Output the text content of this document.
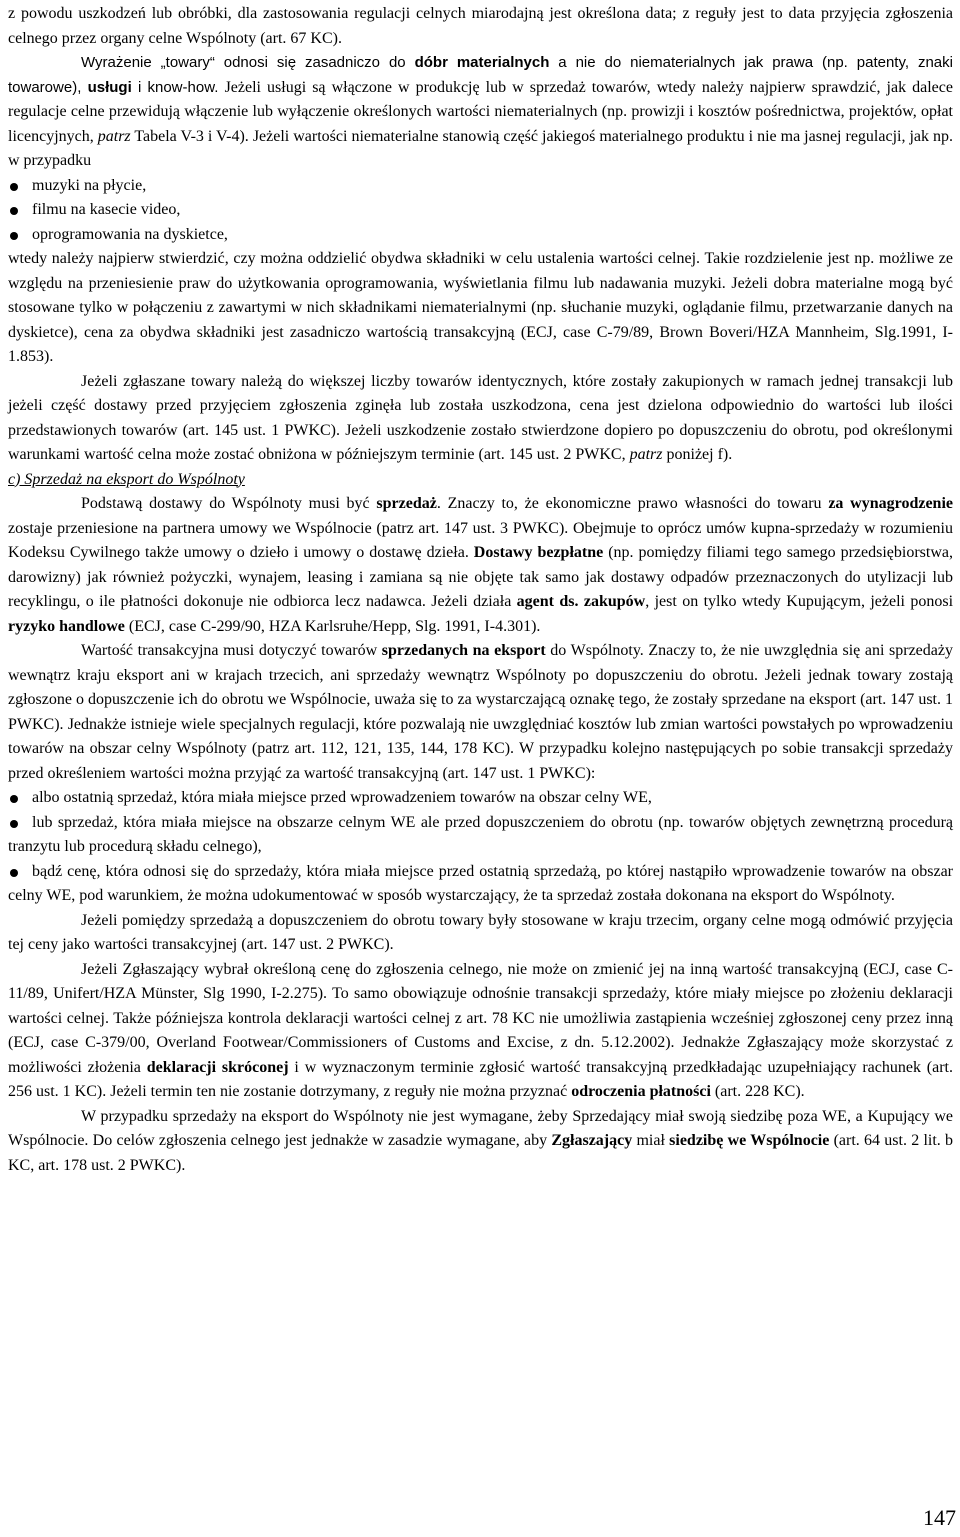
z powodu uszkodzeń lub obróbki, dla zastosowania regulacji celnych miarodajną jest określona data; z reguły jest to data przyjęcia zgłoszenia celnego przez organy celne Wspólnoty (art. 67 KC).

Wyrażenie „towary“ odnosi się zasadniczo do dóbr materialnych a nie do niematerialnych jak prawa (np. patenty, znaki towarowe), usługi i know-how. Jeżeli usługi są włączone w produkcję lub w sprzedaż towarów, wtedy należy najpierw sprawdzić, jak dalece regulacje celne przewidują włączenie lub wyłączenie określonych wartości niematerialnych (np. prowizji i kosztów pośrednictwa, projektów, opłat licencyjnych, patrz Tabela V-3 i V-4). Jeżeli wartości niematerialne stanowią część jakiegoś materialnego produktu i nie ma jasnej regulacji, jak np. w przypadku

muzyki na płycie,
filmu na kasecie video,
oprogramowania na dyskietce,

wtedy należy najpierw stwierdzić, czy można oddzielić obydwa składniki w celu ustalenia wartości celnej. Takie rozdzielenie jest np. możliwe ze względu na przeniesienie praw do użytkowania oprogramowania, wyświetlania filmu lub nadawania muzyki. Jeżeli dobra materialne mogą być stosowane tylko w połączeniu z zawartymi w nich składnikami niematerialnymi (np. słuchanie muzyki, oglądanie filmu, przetwarzanie danych na dyskietce), cena za obydwa składniki jest zasadniczo wartością transakcyjną (ECJ, case C-79/89, Brown Boveri/HZA Mannheim, Slg.1991, I-1.853).

Jeżeli zgłaszane towary należą do większej liczby towarów identycznych, które zostały zakupionych w ramach jednej transakcji lub jeżeli część dostawy przed przyjęciem zgłoszenia zginęła lub została uszkodzona, cena jest dzielona odpowiednio do wartości lub ilości przedstawionych towarów (art. 145 ust. 1 PWKC). Jeżeli uszkodzenie zostało stwierdzone dopiero po dopuszczeniu do obrotu, pod określonymi warunkami wartość celna może zostać obniżona w późniejszym terminie (art. 145 ust. 2 PWKC, patrz poniżej f).

c) Sprzedaż na eksport do Wspólnoty

Podstawą dostawy do Wspólnoty musi być sprzedaż. Znaczy to, że ekonomiczne prawo własności do towaru za wynagrodzenie zostaje przeniesione na partnera umowy we Wspólnocie (patrz art. 147 ust. 3 PWKC). Obejmuje to oprócz umów kupna-sprzedaży w rozumieniu Kodeksu Cywilnego także umowy o dzieło i umowy o dostawę dzieła. Dostawy bezpłatne (np. pomiędzy filiami tego samego przedsiębiorstwa, darowizny) jak również pożyczki, wynajem, leasing i zamiana są nie objęte tak samo jak dostawy odpadów przeznaczonych do utylizacji lub recyklingu, o ile płatności dokonuje nie odbiorca lecz nadawca. Jeżeli działa agent ds. zakupów, jest on tylko wtedy Kupującym, jeżeli ponosi ryzyko handlowe (ECJ, case C-299/90, HZA Karlsruhe/Hepp, Slg. 1991, I-4.301).

Wartość transakcyjna musi dotyczyć towarów sprzedanych na eksport do Wspólnoty. Znaczy to, że nie uwzględnia się ani sprzedaży wewnątrz kraju eksport ani w krajach trzecich, ani sprzedaży wewnątrz Wspólnoty po dopuszczeniu do obrotu. Jeżeli jednak towary zostają zgłoszone o dopuszczenie ich do obrotu we Wspólnocie, uważa się to za wystarczającą oznakę tego, że zostały sprzedane na eksport (art. 147 ust. 1 PWKC). Jednakże istnieje wiele specjalnych regulacji, które pozwalają nie uwzględniać kosztów lub zmian wartości powstałych po wprowadzeniu towarów na obszar celny Wspólnoty (patrz art. 112, 121, 135, 144, 178 KC). W przypadku kolejno następujących po sobie transakcji sprzedaży przed określeniem wartości można przyjąć za wartość transakcyjną (art. 147 ust. 1 PWKC):

albo ostatnią sprzedaż, która miała miejsce przed wprowadzeniem towarów na obszar celny WE,
lub sprzedaż, która miała miejsce na obszarze celnym WE ale przed dopuszczeniem do obrotu (np. towarów objętych zewnętrzną procedurą tranzytu lub procedurą składu celnego),
bądź cenę, która odnosi się do sprzedaży, która miała miejsce przed ostatnią sprzedażą, po której nastąpiło wprowadzenie towarów na obszar celny WE, pod warunkiem, że można udokumentować w sposób wystarczający, że ta sprzedaż została dokonana na eksport do Wspólnoty.

Jeżeli pomiędzy sprzedażą a dopuszczeniem do obrotu towary były stosowane w kraju trzecim, organy celne mogą odmówić przyjęcia tej ceny jako wartości transakcyjnej (art. 147 ust. 2 PWKC).

Jeżeli Zgłaszający wybrał określoną cenę do zgłoszenia celnego, nie może on zmienić jej na inną wartość transakcyjną (ECJ, case C-11/89, Unifert/HZA Münster, Slg 1990, I-2.275). To samo obowiązuje odnośnie transakcji sprzedaży, które miały miejsce po złożeniu deklaracji wartości celnej. Także późniejsza kontrola deklaracji wartości celnej z art. 78 KC nie umożliwia zastąpienia wcześniej zgłoszonej ceny przez inną (ECJ, case C-379/00, Overland Footwear/Commissioners of Customs and Excise, z dn. 5.12.2002). Jednakże Zgłaszający może skorzystać z możliwości złożenia deklaracji skróconej i w wyznaczonym terminie zgłosić wartość transakcyjną przedkładając uzupełniający rachunek (art. 256 ust. 1 KC). Jeżeli termin ten nie zostanie dotrzymany, z reguły nie można przyznać odroczenia płatności (art. 228 KC).

W przypadku sprzedaży na eksport do Wspólnoty nie jest wymagane, żeby Sprzedający miał swoją siedzibę poza WE, a Kupujący we Wspólnocie. Do celów zgłoszenia celnego jest jednakże w zasadzie wymagane, aby Zgłaszający miał siedzibę we Wspólnocie (art. 64 ust. 2 lit. b KC, art. 178 ust. 2 PWKC).

147
